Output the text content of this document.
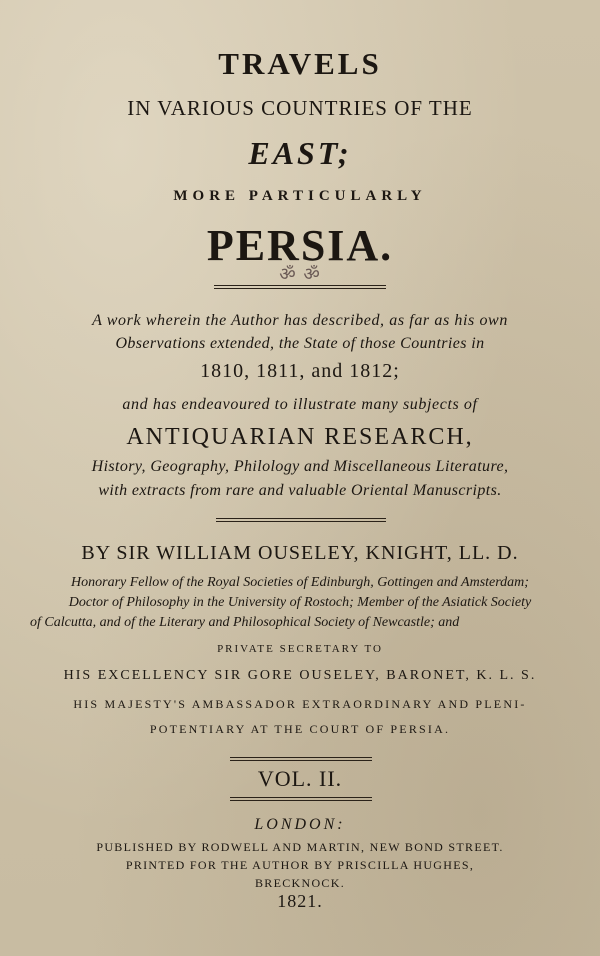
TRAVELS
IN VARIOUS COUNTRIES OF THE
EAST;
MORE PARTICULARLY
PERSIA.
ॐ ॐ
A work wherein the Author has described, as far as his own
Observations extended, the State of those Countries in
1810, 1811, and 1812;
and has endeavoured to illustrate many subjects of
ANTIQUARIAN RESEARCH,
History, Geography, Philology and Miscellaneous Literature,
with extracts from rare and valuable Oriental Manuscripts.
BY SIR WILLIAM OUSELEY, KNIGHT, LL. D.
Honorary Fellow of the Royal Societies of Edinburgh, Gottingen and Amsterdam;
Doctor of Philosophy in the University of Rostoch; Member of the Asiatick Society
of Calcutta, and of the Literary and Philosophical Society of Newcastle; and
PRIVATE SECRETARY TO
HIS EXCELLENCY SIR GORE OUSELEY, BARONET, K. L. S.
HIS MAJESTY'S AMBASSADOR EXTRAORDINARY AND PLENI-
POTENTIARY AT THE COURT OF PERSIA.
VOL. II.
LONDON:
PUBLISHED BY RODWELL AND MARTIN, NEW BOND STREET.
PRINTED FOR THE AUTHOR BY PRISCILLA HUGHES,
BRECKNOCK.
1821.
